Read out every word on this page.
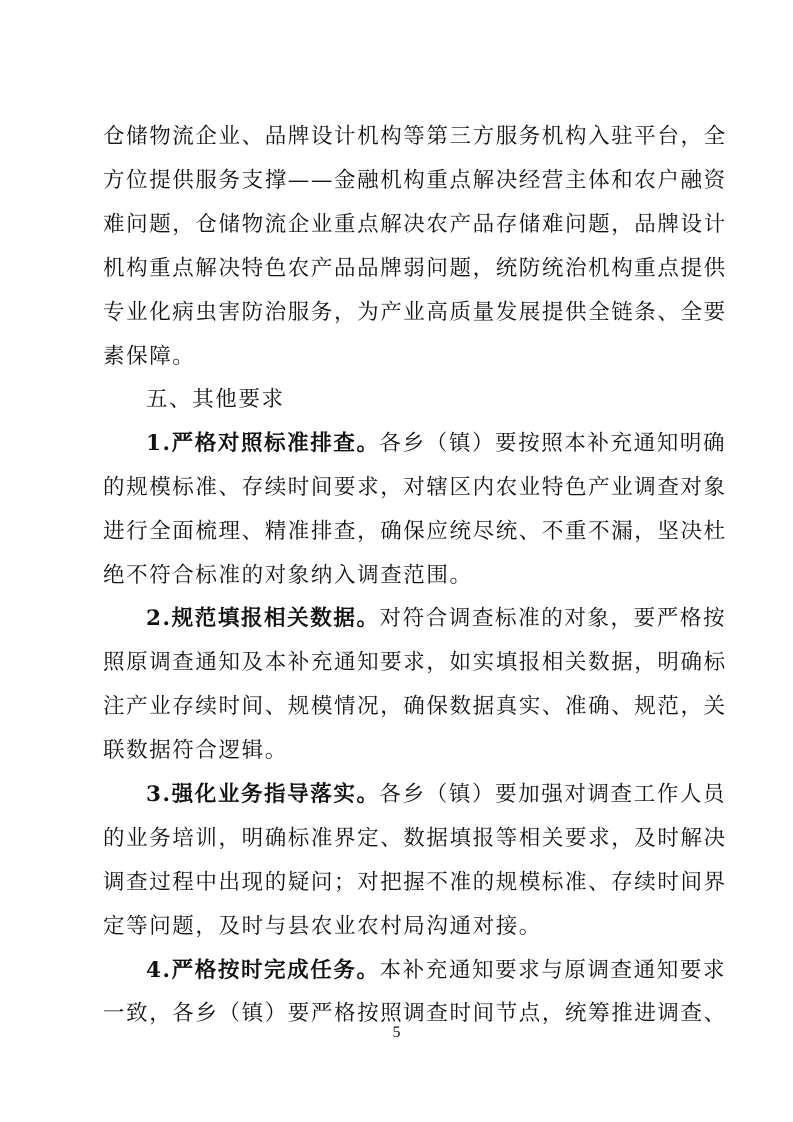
仓储物流企业、品牌设计机构等第三方服务机构入驻平台，全
方位提供服务支撑——金融机构重点解决经营主体和农户融资
难问题，仓储物流企业重点解决农产品存储难问题，品牌设计
机构重点解决特色农产品品牌弱问题，统防统治机构重点提供
专业化病虫害防治服务，为产业高质量发展提供全链条、全要
素保障。
五、其他要求
1.严格对照标准排查。各乡（镇）要按照本补充通知明确
的规模标准、存续时间要求，对辖区内农业特色产业调查对象
进行全面梳理、精准排查，确保应统尽统、不重不漏，坚决杜
绝不符合标准的对象纳入调查范围。
2.规范填报相关数据。对符合调查标准的对象，要严格按
照原调查通知及本补充通知要求，如实填报相关数据，明确标
注产业存续时间、规模情况，确保数据真实、准确、规范，关
联数据符合逻辑。
3.强化业务指导落实。各乡（镇）要加强对调查工作人员
的业务培训，明确标准界定、数据填报等相关要求，及时解决
调查过程中出现的疑问；对把握不准的规模标准、存续时间界
定等问题，及时与县农业农村局沟通对接。
4.严格按时完成任务。本补充通知要求与原调查通知要求
一致，各乡（镇）要严格按照调查时间节点，统筹推进调查、
5
